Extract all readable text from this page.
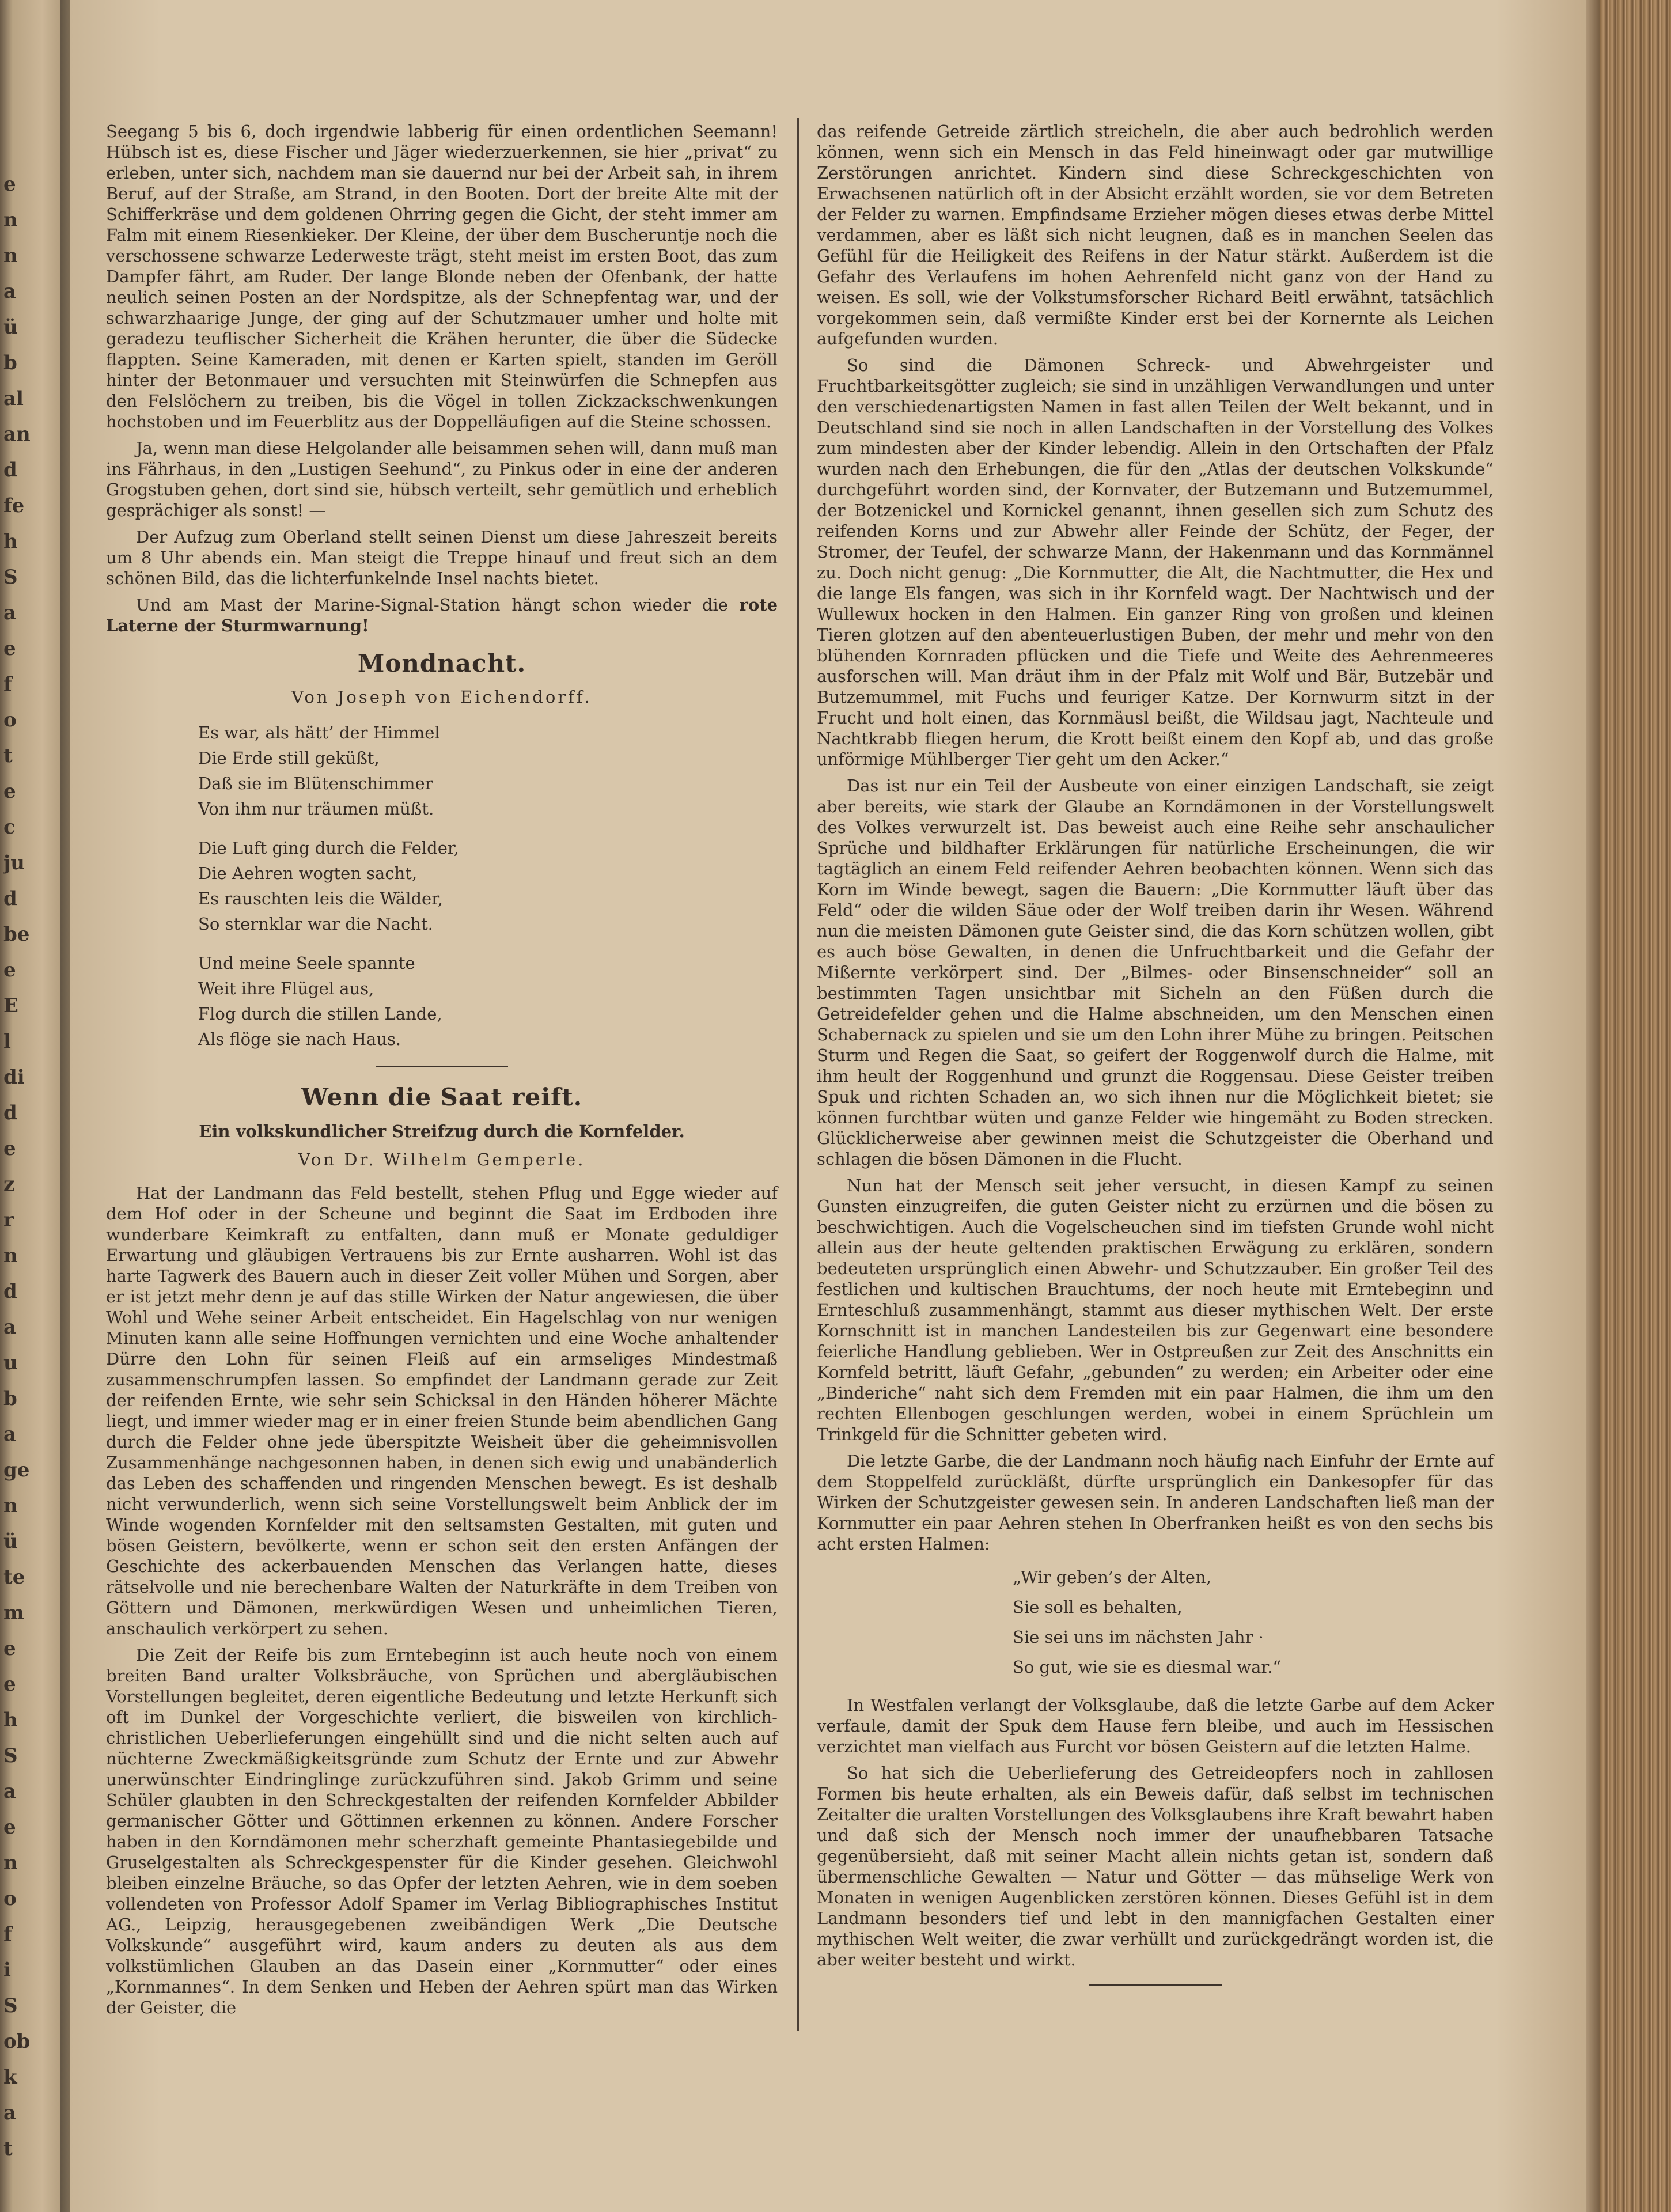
e
n
n
a
ü
b
al
an
d
fe
h
S
a
e
f
o
t
e
c
ju
d
be
e
E
l
di
d
e
z
r
n
d
a
u
b
a
ge
n
ü
te
m
e
e
h
S
a
e
n
o
f
i
S
ob
k
a
t

Seegang 5 bis 6, doch irgendwie labberig für einen ordentlichen Seemann! Hübsch ist es, diese Fischer und Jäger wiederzuerkennen, sie hier „privat“ zu erleben, unter sich, nachdem man sie dauernd nur bei der Arbeit sah, in ihrem Beruf, auf der Straße, am Strand, in den Booten. Dort der breite Alte mit der Schifferkräse und dem goldenen Ohrring gegen die Gicht, der steht immer am Falm mit einem Riesenkieker. Der Kleine, der über dem Buscheruntje noch die verschossene schwarze Lederweste trägt, steht meist im ersten Boot, das zum Dampfer fährt, am Ruder. Der lange Blonde neben der Ofenbank, der hatte neulich seinen Posten an der Nordspitze, als der Schnepfentag war, und der schwarzhaarige Junge, der ging auf der Schutzmauer umher und holte mit geradezu teuflischer Sicherheit die Krähen herunter, die über die Südecke flappten. Seine Kameraden, mit denen er Karten spielt, standen im Geröll hinter der Betonmauer und versuchten mit Steinwürfen die Schnepfen aus den Felslöchern zu treiben, bis die Vögel in tollen Zickzackschwenkungen hochstoben und im Feuerblitz aus der Doppelläufigen auf die Steine schossen.

Ja, wenn man diese Helgolander alle beisammen sehen will, dann muß man ins Fährhaus, in den „Lustigen Seehund“, zu Pinkus oder in eine der anderen Grogstuben gehen, dort sind sie, hübsch verteilt, sehr gemütlich und erheblich gesprächiger als sonst! —

Der Aufzug zum Oberland stellt seinen Dienst um diese Jahreszeit bereits um 8 Uhr abends ein. Man steigt die Treppe hinauf und freut sich an dem schönen Bild, das die lichterfunkelnde Insel nachts bietet.

Und am Mast der Marine-Signal-Station hängt schon wieder die rote Laterne der Sturmwarnung!

Mondnacht.
Von Joseph von Eichendorff.
Es war, als hätt’ der Himmel
Die Erde still geküßt,
Daß sie im Blütenschimmer
Von ihm nur träumen müßt.
Die Luft ging durch die Felder,
Die Aehren wogten sacht,
Es rauschten leis die Wälder,
So sternklar war die Nacht.
Und meine Seele spannte
Weit ihre Flügel aus,
Flog durch die stillen Lande,
Als flöge sie nach Haus.
Wenn die Saat reift.
Ein volkskundlicher Streifzug durch die Kornfelder.
Von Dr. Wilhelm Gemperle.

Hat der Landmann das Feld bestellt, stehen Pflug und Egge wieder auf dem Hof oder in der Scheune und beginnt die Saat im Erdboden ihre wunderbare Keimkraft zu entfalten, dann muß er Monate geduldiger Erwartung und gläubigen Vertrauens bis zur Ernte ausharren. Wohl ist das harte Tagwerk des Bauern auch in dieser Zeit voller Mühen und Sorgen, aber er ist jetzt mehr denn je auf das stille Wirken der Natur angewiesen, die über Wohl und Wehe seiner Arbeit entscheidet. Ein Hagelschlag von nur wenigen Minuten kann alle seine Hoffnungen vernichten und eine Woche anhaltender Dürre den Lohn für seinen Fleiß auf ein armseliges Mindestmaß zusammenschrumpfen lassen. So empfindet der Landmann gerade zur Zeit der reifenden Ernte, wie sehr sein Schicksal in den Händen höherer Mächte liegt, und immer wieder mag er in einer freien Stunde beim abendlichen Gang durch die Felder ohne jede überspitzte Weisheit über die geheimnisvollen Zusammenhänge nachgesonnen haben, in denen sich ewig und unabänderlich das Leben des schaffenden und ringenden Menschen bewegt. Es ist deshalb nicht verwunderlich, wenn sich seine Vorstellungswelt beim Anblick der im Winde wogenden Kornfelder mit den seltsamsten Gestalten, mit guten und bösen Geistern, bevölkerte, wenn er schon seit den ersten Anfängen der Geschichte des ackerbauenden Menschen das Verlangen hatte, dieses rätselvolle und nie berechenbare Walten der Naturkräfte in dem Treiben von Göttern und Dämonen, merkwürdigen Wesen und unheimlichen Tieren, anschaulich verkörpert zu sehen.

Die Zeit der Reife bis zum Erntebeginn ist auch heute noch von einem breiten Band uralter Volksbräuche, von Sprüchen und abergläubischen Vorstellungen begleitet, deren eigentliche Bedeutung und letzte Herkunft sich oft im Dunkel der Vorgeschichte verliert, die bisweilen von kirchlich-christlichen Ueberlieferungen eingehüllt sind und die nicht selten auch auf nüchterne Zweckmäßigkeitsgründe zum Schutz der Ernte und zur Abwehr unerwünschter Eindringlinge zurückzuführen sind. Jakob Grimm und seine Schüler glaubten in den Schreckgestalten der reifenden Kornfelder Abbilder germanischer Götter und Göttinnen erkennen zu können. Andere Forscher haben in den Korndämonen mehr scherzhaft gemeinte Phantasiegebilde und Gruselgestalten als Schreckgespenster für die Kinder gesehen. Gleichwohl bleiben einzelne Bräuche, so das Opfer der letzten Aehren, wie in dem soeben vollendeten von Professor Adolf Spamer im Verlag Bibliographisches Institut AG., Leipzig, herausgegebenen zweibändigen Werk „Die Deutsche Volkskunde“ ausgeführt wird, kaum anders zu deuten als aus dem volkstümlichen Glauben an das Dasein einer „Kornmutter“ oder eines „Kornmannes“. In dem Senken und Heben der Aehren spürt man das Wirken der Geister, die

das reifende Getreide zärtlich streicheln, die aber auch bedrohlich werden können, wenn sich ein Mensch in das Feld hineinwagt oder gar mutwillige Zerstörungen anrichtet. Kindern sind diese Schreckgeschichten von Erwachsenen natürlich oft in der Absicht erzählt worden, sie vor dem Betreten der Felder zu warnen. Empfindsame Erzieher mögen dieses etwas derbe Mittel verdammen, aber es läßt sich nicht leugnen, daß es in manchen Seelen das Gefühl für die Heiligkeit des Reifens in der Natur stärkt. Außerdem ist die Gefahr des Verlaufens im hohen Aehrenfeld nicht ganz von der Hand zu weisen. Es soll, wie der Volkstumsforscher Richard Beitl erwähnt, tatsächlich vorgekommen sein, daß vermißte Kinder erst bei der Kornernte als Leichen aufgefunden wurden.

So sind die Dämonen Schreck- und Abwehrgeister und Fruchtbarkeitsgötter zugleich; sie sind in unzähligen Verwandlungen und unter den verschiedenartigsten Namen in fast allen Teilen der Welt bekannt, und in Deutschland sind sie noch in allen Landschaften in der Vorstellung des Volkes zum mindesten aber der Kinder lebendig. Allein in den Ortschaften der Pfalz wurden nach den Erhebungen, die für den „Atlas der deutschen Volkskunde“ durchgeführt worden sind, der Kornvater, der Butzemann und Butzemummel, der Botzenickel und Kornickel genannt, ihnen gesellen sich zum Schutz des reifenden Korns und zur Abwehr aller Feinde der Schütz, der Feger, der Stromer, der Teufel, der schwarze Mann, der Hakenmann und das Kornmännel zu. Doch nicht genug: „Die Kornmutter, die Alt, die Nachtmutter, die Hex und die lange Els fangen, was sich in ihr Kornfeld wagt. Der Nachtwisch und der Wullewux hocken in den Halmen. Ein ganzer Ring von großen und kleinen Tieren glotzen auf den abenteuerlustigen Buben, der mehr und mehr von den blühenden Kornraden pflücken und die Tiefe und Weite des Aehrenmeeres ausforschen will. Man dräut ihm in der Pfalz mit Wolf und Bär, Butzebär und Butzemummel, mit Fuchs und feuriger Katze. Der Kornwurm sitzt in der Frucht und holt einen, das Kornmäusl beißt, die Wildsau jagt, Nachteule und Nachtkrabb fliegen herum, die Krott beißt einem den Kopf ab, und das große unförmige Mühlberger Tier geht um den Acker.“

Das ist nur ein Teil der Ausbeute von einer einzigen Landschaft, sie zeigt aber bereits, wie stark der Glaube an Korndämonen in der Vorstellungswelt des Volkes verwurzelt ist. Das beweist auch eine Reihe sehr anschaulicher Sprüche und bildhafter Erklärungen für natürliche Erscheinungen, die wir tagtäglich an einem Feld reifender Aehren beobachten können. Wenn sich das Korn im Winde bewegt, sagen die Bauern: „Die Kornmutter läuft über das Feld“ oder die wilden Säue oder der Wolf treiben darin ihr Wesen. Während nun die meisten Dämonen gute Geister sind, die das Korn schützen wollen, gibt es auch böse Gewalten, in denen die Unfruchtbarkeit und die Gefahr der Mißernte verkörpert sind. Der „Bilmes- oder Binsenschneider“ soll an bestimmten Tagen unsichtbar mit Sicheln an den Füßen durch die Getreidefelder gehen und die Halme abschneiden, um den Menschen einen Schabernack zu spielen und sie um den Lohn ihrer Mühe zu bringen. Peitschen Sturm und Regen die Saat, so geifert der Roggenwolf durch die Halme, mit ihm heult der Roggenhund und grunzt die Roggensau. Diese Geister treiben Spuk und richten Schaden an, wo sich ihnen nur die Möglichkeit bietet; sie können furchtbar wüten und ganze Felder wie hingemäht zu Boden strecken. Glücklicherweise aber gewinnen meist die Schutzgeister die Oberhand und schlagen die bösen Dämonen in die Flucht.

Nun hat der Mensch seit jeher versucht, in diesen Kampf zu seinen Gunsten einzugreifen, die guten Geister nicht zu erzürnen und die bösen zu beschwichtigen. Auch die Vogelscheuchen sind im tiefsten Grunde wohl nicht allein aus der heute geltenden praktischen Erwägung zu erklären, sondern bedeuteten ursprünglich einen Abwehr- und Schutzzauber. Ein großer Teil des festlichen und kultischen Brauchtums, der noch heute mit Erntebeginn und Ernteschluß zusammenhängt, stammt aus dieser mythischen Welt. Der erste Kornschnitt ist in manchen Landesteilen bis zur Gegenwart eine besondere feierliche Handlung geblieben. Wer in Ostpreußen zur Zeit des Anschnitts ein Kornfeld betritt, läuft Gefahr, „gebunden“ zu werden; ein Arbeiter oder eine „Binderiche“ naht sich dem Fremden mit ein paar Halmen, die ihm um den rechten Ellenbogen geschlungen werden, wobei in einem Sprüchlein um Trinkgeld für die Schnitter gebeten wird.

Die letzte Garbe, die der Landmann noch häufig nach Einfuhr der Ernte auf dem Stoppelfeld zurückläßt, dürfte ursprünglich ein Dankesopfer für das Wirken der Schutzgeister gewesen sein. In anderen Landschaften ließ man der Kornmutter ein paar Aehren stehen In Oberfranken heißt es von den sechs bis acht ersten Halmen:

„Wir geben’s der Alten,
Sie soll es behalten,
Sie sei uns im nächsten Jahr ·
So gut, wie sie es diesmal war.“

In Westfalen verlangt der Volksglaube, daß die letzte Garbe auf dem Acker verfaule, damit der Spuk dem Hause fern bleibe, und auch im Hessischen verzichtet man vielfach aus Furcht vor bösen Geistern auf die letzten Halme.

So hat sich die Ueberlieferung des Getreideopfers noch in zahllosen Formen bis heute erhalten, als ein Beweis dafür, daß selbst im technischen Zeitalter die uralten Vorstellungen des Volksglaubens ihre Kraft bewahrt haben und daß sich der Mensch noch immer der unaufhebbaren Tatsache gegenübersieht, daß mit seiner Macht allein nichts getan ist, sondern daß übermenschliche Gewalten — Natur und Götter — das mühselige Werk von Monaten in wenigen Augenblicken zerstören können. Dieses Gefühl ist in dem Landmann besonders tief und lebt in den mannigfachen Gestalten einer mythischen Welt weiter, die zwar verhüllt und zurückgedrängt worden ist, die aber weiter besteht und wirkt.
